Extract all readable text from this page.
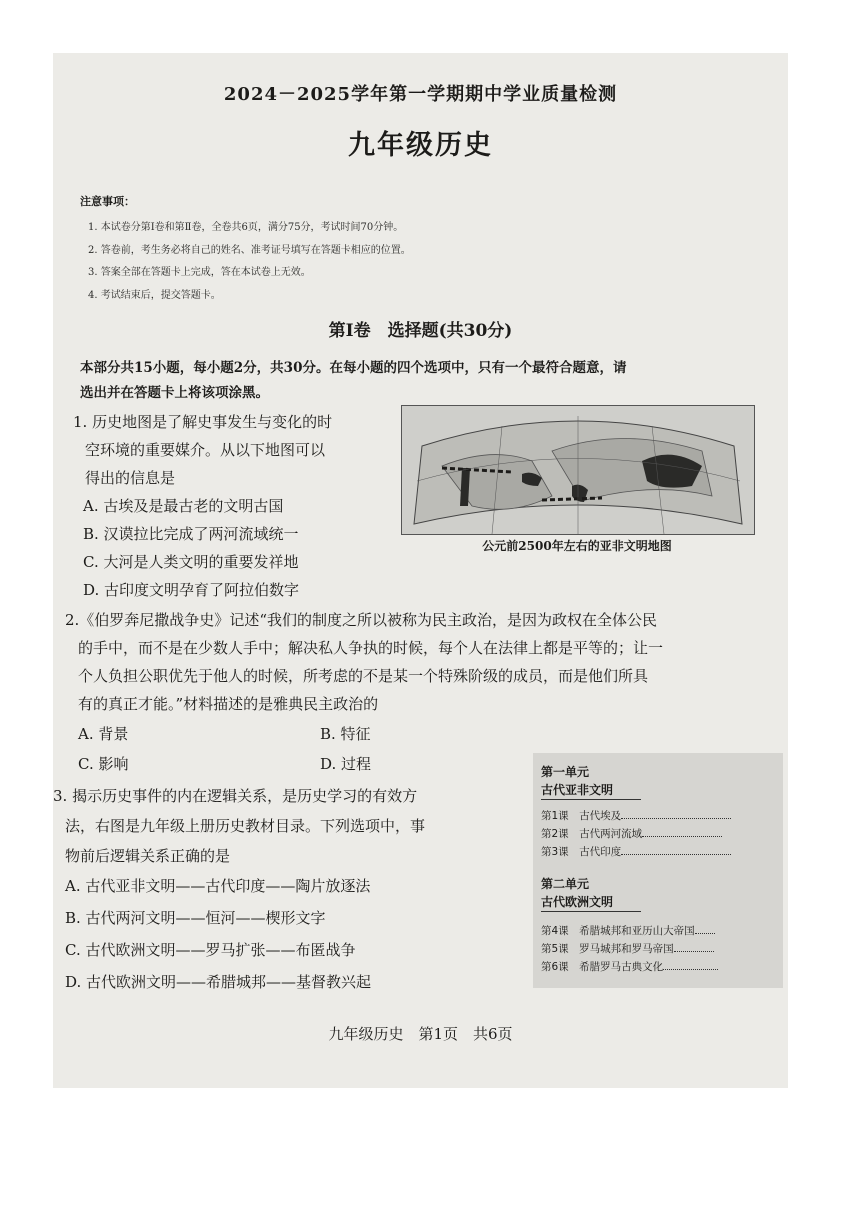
2024－2025学年第一学期期中学业质量检测
九年级历史
注意事项：
1. 本试卷分第Ⅰ卷和第Ⅱ卷，全卷共6页，满分75分，考试时间70分钟。
2. 答卷前，考生务必将自己的姓名、准考证号填写在答题卡相应的位置。
3. 答案全部在答题卡上完成，答在本试卷上无效。
4. 考试结束后，提交答题卡。
第Ⅰ卷　选择题(共30分)
本部分共15小题，每小题2分，共30分。在每小题的四个选项中，只有一个最符合题意，请
选出并在答题卡上将该项涂黑。
1. 历史地图是了解史事发生与变化的时
空环境的重要媒介。从以下地图可以
得出的信息是
A. 古埃及是最古老的文明古国
B. 汉谟拉比完成了两河流域统一
C. 大河是人类文明的重要发祥地
D. 古印度文明孕育了阿拉伯数字
公元前2500年左右的亚非文明地图
2.《伯罗奔尼撒战争史》记述“我们的制度之所以被称为民主政治，是因为政权在全体公民
的手中，而不是在少数人手中；解决私人争执的时候，每个人在法律上都是平等的；让一
个人负担公职优先于他人的时候，所考虑的不是某一个特殊阶级的成员，而是他们所具
有的真正才能。”材料描述的是雅典民主政治的
A. 背景	B. 特征
C. 影响	D. 过程
3. 揭示历史事件的内在逻辑关系，是历史学习的有效方
法，右图是九年级上册历史教材目录。下列选项中，事
物前后逻辑关系正确的是
A. 古代亚非文明——古代印度——陶片放逐法
B. 古代两河文明——恒河——楔形文字
C. 古代欧洲文明——罗马扩张——布匿战争
D. 古代欧洲文明——希腊城邦——基督教兴起
第一单元
古代亚非文明
第1课　古代埃及
第2课　古代两河流域
第3课　古代印度
第二单元
古代欧洲文明
第4课　希腊城邦和亚历山大帝国
第5课　罗马城邦和罗马帝国
第6课　希腊罗马古典文化
九年级历史　第1页　共6页
